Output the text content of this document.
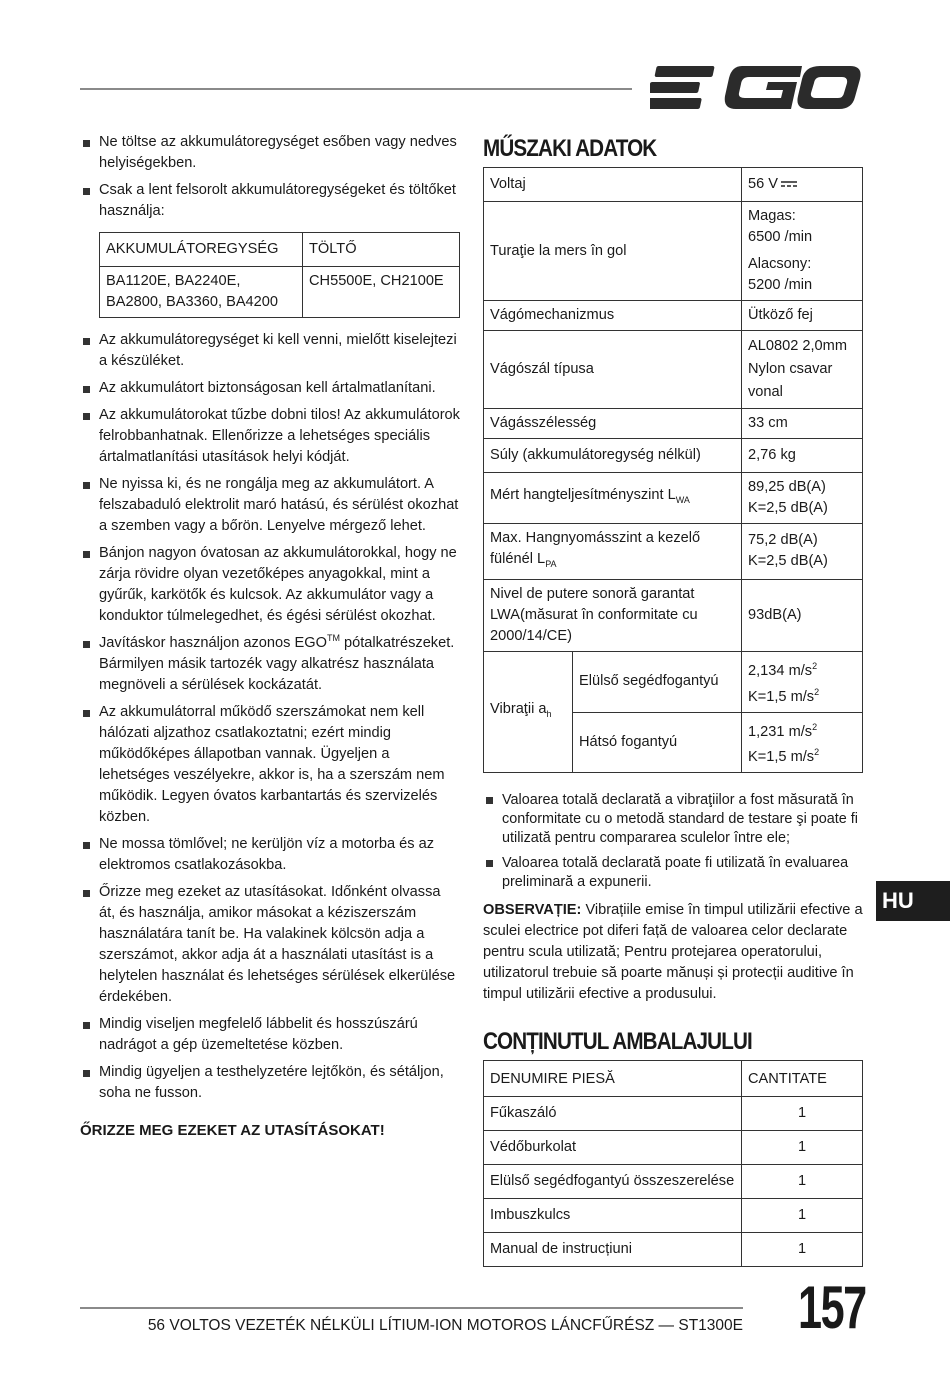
Ne töltse az akkumulátoregységet esőben vagy nedves helyiségekben.
Csak a lent felsorolt akkumulátoregységeket és töltőket használja:
AKKUMULÁTOREGYSÉG	TÖLTŐ
BA1120E, BA2240E, BA2800, BA3360, BA4200	CH5500E, CH2100E
Az akkumulátoregységet ki kell venni, mielőtt kiselejtezi a készüléket.
Az akkumulátort biztonságosan kell ártalmatlanítani.
Az akkumulátorokat tűzbe dobni tilos! Az akkumulátorok felrobbanhatnak. Ellenőrizze a lehetséges speciális ártalmatlanítási utasítások helyi kódját.
Ne nyissa ki, és ne rongálja meg az akkumulátort. A felszabaduló elektrolit maró hatású, és sérülést okozhat a szemben vagy a bőrön. Lenyelve mérgező lehet.
Bánjon nagyon óvatosan az akkumulátorokkal, hogy ne zárja rövidre olyan vezetőképes anyagokkal, mint a gyűrűk, karkötők és kulcsok. Az akkumulátor vagy a konduktor túlmelegedhet, és égési sérülést okozhat.
Javításkor használjon azonos EGO™ pótalkatrészeket. Bármilyen másik tartozék vagy alkatrész használata megnöveli a sérülések kockázatát.
Az akkumulátorral működő szerszámokat nem kell hálózati aljzathoz csatlakoztatni; ezért mindig működőképes állapotban vannak. Ügyeljen a lehetséges veszélyekre, akkor is, ha a szerszám nem működik. Legyen óvatos karbantartás és szervizelés közben.
Ne mossa tömlővel; ne kerüljön víz a motorba és az elektromos csatlakozásokba.
Őrizze meg ezeket az utasításokat. Időnként olvassa át, és használja, amikor másokat a kéziszerszám használatára tanít be. Ha valakinek kölcsön adja a szerszámot, akkor adja át a használati utasítást is a helytelen használat és lehetséges sérülések elkerülése érdekében.
Mindig viseljen megfelelő lábbelit és hosszúszárú nadrágot a gép üzemeltetése közben.
Mindig ügyeljen a testhelyzetére lejtőkön, és sétáljon, soha ne fusson.
ŐRIZZE MEG EZEKET AZ UTASÍTÁSOKAT!
MŰSZAKI ADATOK
Voltaj		56 V
Turaţie la mers în gol		Magas:
6500 /min
Alacsony:
5200 /min

Vágómechanizmus		Ütköző fej
Vágószál típusa		AL0802 2,0mm
Nylon csavar
vonal

Vágásszélesség		33 cm
Súly (akkumulátoregység nélkül)		2,76 kg
Mért hangteljesítményszint $L_{WA}$		89,25 dB(A)
K=2,5 dB(A)

Max. Hangnyomásszint a kezelő fülénél $L_{PA}$		75,2 dB(A)
K=2,5 dB(A)

Nivel de putere sonoră garantat LWA(măsurat în conformitate cu 2000/14/CE)		93dB(A)
Vibraţii $a_h$	Elülső segédfogantyú	2,134 $m/s^2$
K=1,5 $m/s^2$

	Hátsó fogantyú	1,231 $m/s^2$
K=1,5 $m/s^2$
Valoarea totală declarată a vibraţiilor a fost măsurată în conformitate cu o metodă standard de testare şi poate fi utilizată pentru compararea sculelor între ele;
Valoarea totală declarată poate fi utilizată în evaluarea preliminară a expunerii.
OBSERVAȚIE: Vibrațiile emise în timpul utilizării efective a sculei electrice pot diferi față de valoarea celor declarate pentru scula utilizată; Pentru protejarea operatorului, utilizatorul trebuie să poarte mănuși și protecții auditive în timpul utilizării efective a produsului.
CONȚINUTUL AMBALAJULUI
DENUMIRE PIESĂ	CANTITATE
Fűkaszáló	1
Védőburkolat	1
Elülső segédfogantyú összeszerelése	1
Imbuszkulcs	1
Manual de instrucțiuni	1
HU
56 VOLTOS VEZETÉK NÉLKÜLI LÍTIUM-ION MOTOROS LÁNCFŰRÉSZ — ST1300E 157
